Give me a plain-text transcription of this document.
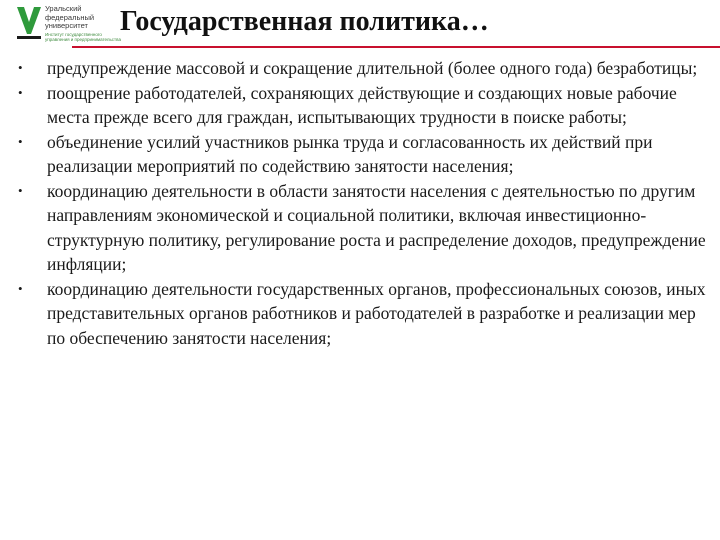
Уральский
федеральный
университет
Институт государственного
управления и предпринимательства
Государственная политика…
• предупреждение массовой и сокращение длительной (более одного года) безработицы;
• поощрение работодателей, сохраняющих действующие и создающих новые рабочие места прежде всего для граждан, испытывающих трудности в поиске работы;
• объединение усилий участников рынка труда и согласованность их действий при реализации мероприятий по содействию занятости населения;
• координацию деятельности в области занятости населения с деятельностью по другим направлениям экономической и социальной политики, включая инвестиционно-структурную политику, регулирование роста и распределение доходов, предупреждение инфляции;
• координацию деятельности государственных органов, профессиональных союзов, иных представительных органов работников и работодателей в разработке и реализации мер по обеспечению занятости населения;
